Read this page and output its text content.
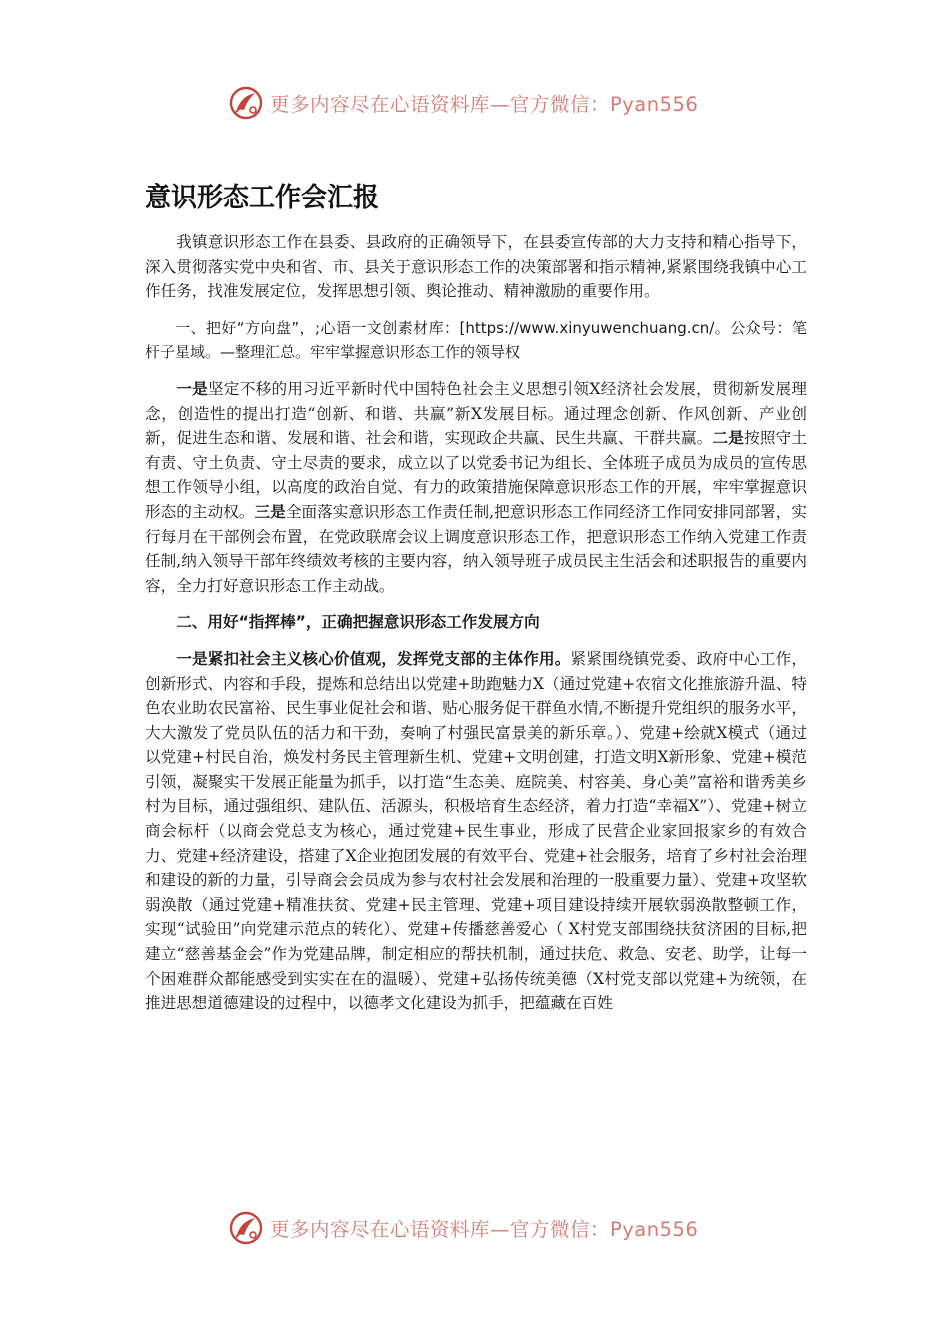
更多内容尽在心语资料库—官方微信：Pyan556
意识形态工作会汇报

我镇意识形态工作在县委、县政府的正确领导下，在县委宣传部的大力支持和精心指导下，深入贯彻落实党中央和省、市、县关于意识形态工作的决策部署和指示精神,紧紧围绕我镇中心工作任务，找准发展定位，发挥思想引领、舆论推动、精神激励的重要作用。

一、把好“方向盘”，;心语一文创素材库：[https://www.xinyuwenchuang.cn/。公众号：笔杆子星域。—整理汇总。牢牢掌握意识形态工作的领导权

一是坚定不移的用习近平新时代中国特色社会主义思想引领X经济社会发展，贯彻新发展理念，创造性的提出打造“创新、和谐、共赢”新X发展目标。通过理念创新、作风创新、产业创新，促进生态和谐、发展和谐、社会和谐，实现政企共赢、民生共赢、干群共赢。二是按照守土有责、守土负责、守土尽责的要求，成立以了以党委书记为组长、全体班子成员为成员的宣传思想工作领导小组，以高度的政治自觉、有力的政策措施保障意识形态工作的开展，牢牢掌握意识形态的主动权。三是全面落实意识形态工作责任制,把意识形态工作同经济工作同安排同部署，实行每月在干部例会布置，在党政联席会议上调度意识形态工作，把意识形态工作纳入党建工作责任制,纳入领导干部年终绩效考核的主要内容，纳入领导班子成员民主生活会和述职报告的重要内容，全力打好意识形态工作主动战。

二、用好“指挥棒”，正确把握意识形态工作发展方向

一是紧扣社会主义核心价值观，发挥党支部的主体作用。紧紧围绕镇党委、政府中心工作，创新形式、内容和手段，提炼和总结出以党建+助跑魅力X（通过党建+农宿文化推旅游升温、特色农业助农民富裕、民生事业促社会和谐、贴心服务促干群鱼水情,不断提升党组织的服务水平，大大激发了党员队伍的活力和干劲，奏响了村强民富景美的新乐章。）、党建+绘就X模式（通过以党建+村民自治，焕发村务民主管理新生机、党建+文明创建，打造文明X新形象、党建+模范引领，凝聚实干发展正能量为抓手，以打造“生态美、庭院美、村容美、身心美”富裕和谐秀美乡村为目标，通过强组织、建队伍、活源头，积极培育生态经济，着力打造“幸福X”）、党建+树立商会标杆（以商会党总支为核心，通过党建+民生事业，形成了民营企业家回报家乡的有效合力、党建+经济建设，搭建了X企业抱团发展的有效平台、党建+社会服务，培育了乡村社会治理和建设的新的力量，引导商会会员成为参与农村社会发展和治理的一股重要力量）、党建+攻坚软弱涣散（通过党建+精准扶贫、党建+民主管理、党建+项目建设持续开展软弱涣散整顿工作，实现“试验田”向党建示范点的转化）、党建+传播慈善爱心（ X村党支部围绕扶贫济困的目标,把建立“慈善基金会”作为党建品牌，制定相应的帮扶机制，通过扶危、救急、安老、助学，让每一个困难群众都能感受到实实在在的温暖）、党建+弘扬传统美德（X村党支部以党建+为统领，在推进思想道德建设的过程中，以德孝文化建设为抓手，把蕴藏在百姓

更多内容尽在心语资料库—官方微信：Pyan556
